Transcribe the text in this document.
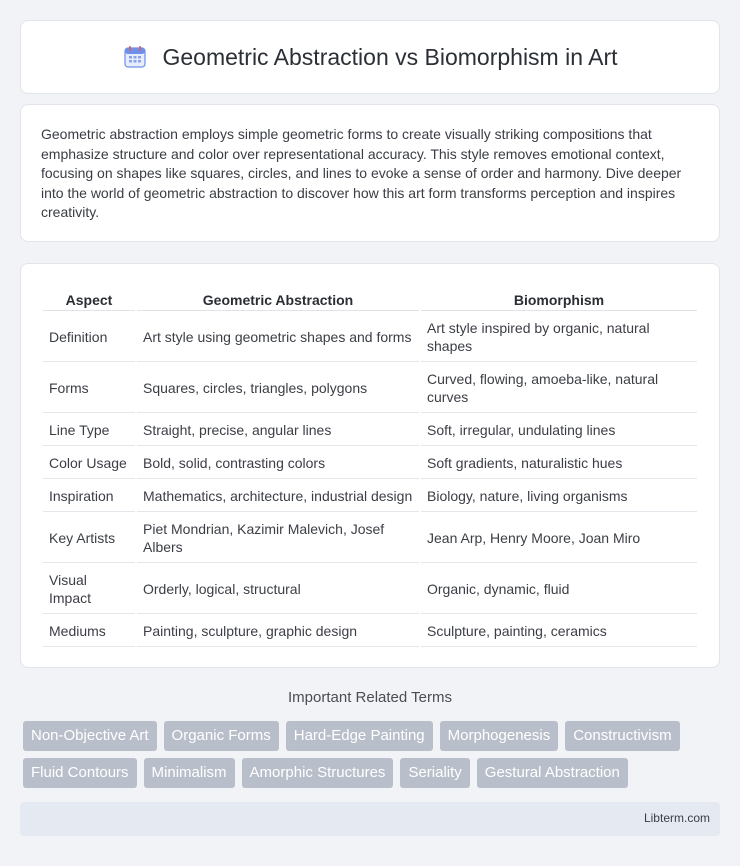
Geometric Abstraction vs Biomorphism in Art

Geometric abstraction employs simple geometric forms to create visually striking compositions that emphasize structure and color over representational accuracy. This style removes emotional context, focusing on shapes like squares, circles, and lines to evoke a sense of order and harmony. Dive deeper into the world of geometric abstraction to discover how this art form transforms perception and inspires creativity.

Aspect	Geometric Abstraction	Biomorphism
Definition	Art style using geometric shapes and forms	Art style inspired by organic, natural shapes
Forms	Squares, circles, triangles, polygons	Curved, flowing, amoeba-like, natural curves
Line Type	Straight, precise, angular lines	Soft, irregular, undulating lines
Color Usage	Bold, solid, contrasting colors	Soft gradients, naturalistic hues
Inspiration	Mathematics, architecture, industrial design	Biology, nature, living organisms
Key Artists	Piet Mondrian, Kazimir Malevich, Josef Albers	Jean Arp, Henry Moore, Joan Miro
Visual Impact	Orderly, logical, structural	Organic, dynamic, fluid
Mediums	Painting, sculpture, graphic design	Sculpture, painting, ceramics
Important Related Terms
Non-Objective Art	Organic Forms	Hard-Edge Painting	Morphogenesis	Constructivism
Fluid Contours	Minimalism	Amorphic Structures	Seriality	Gestural Abstraction
Libterm.com
